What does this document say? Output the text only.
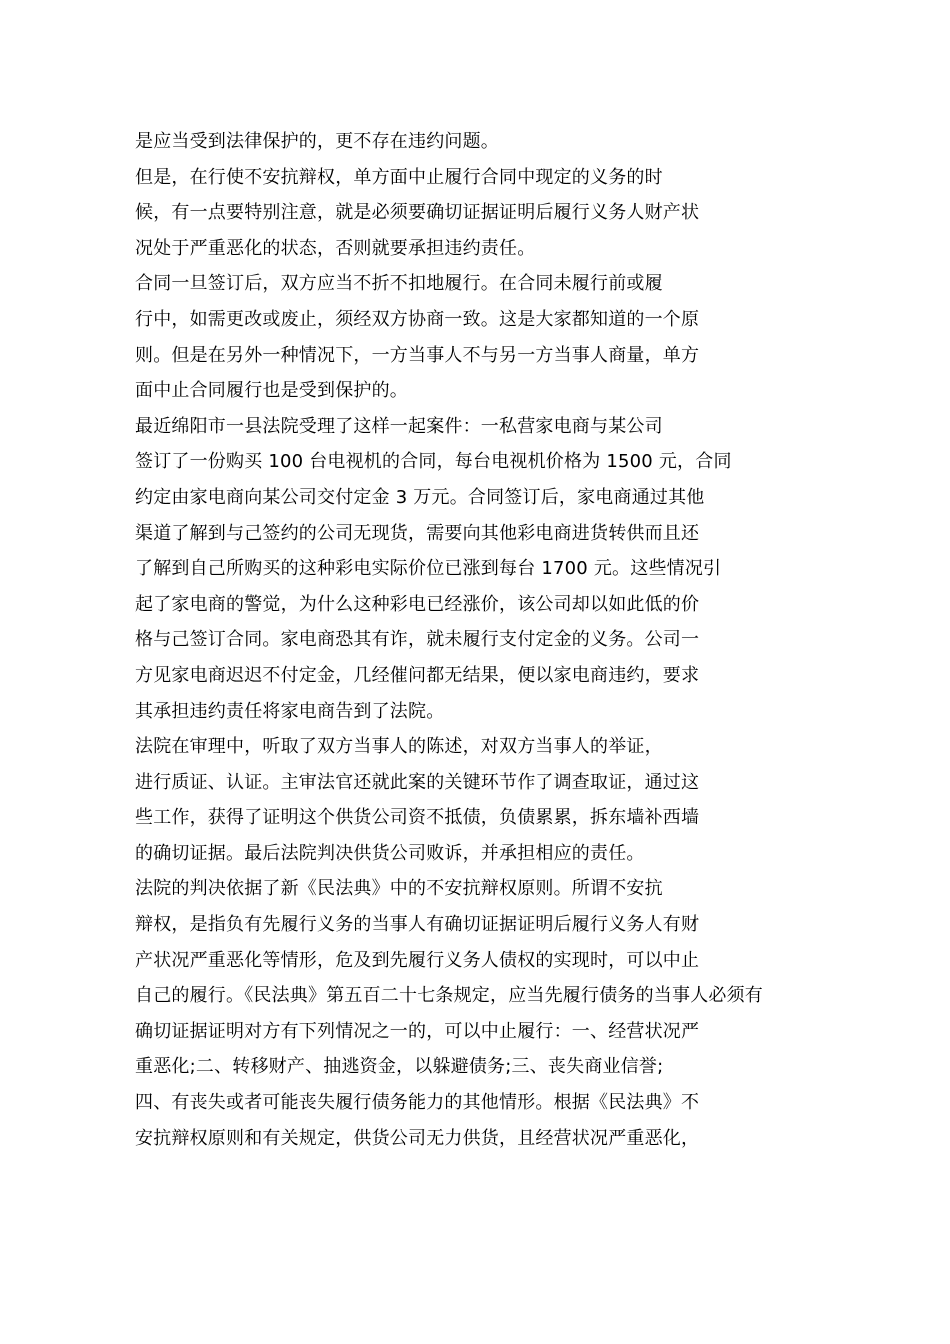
是应当受到法律保护的，更不存在违约问题。
但是，在行使不安抗辩权，单方面中止履行合同中现定的义务的时
候，有一点要特别注意，就是必须要确切证据证明后履行义务人财产状
况处于严重恶化的状态，否则就要承担违约责任。
合同一旦签订后，双方应当不折不扣地履行。在合同未履行前或履
行中，如需更改或废止，须经双方协商一致。这是大家都知道的一个原
则。但是在另外一种情况下，一方当事人不与另一方当事人商量，单方
面中止合同履行也是受到保护的。
最近绵阳市一县法院受理了这样一起案件：一私营家电商与某公司
签订了一份购买 100 台电视机的合同，每台电视机价格为 1500 元，合同
约定由家电商向某公司交付定金 3 万元。合同签订后，家电商通过其他
渠道了解到与己签约的公司无现货，需要向其他彩电商进货转供而且还
了解到自己所购买的这种彩电实际价位已涨到每台 1700 元。这些情况引
起了家电商的警觉，为什么这种彩电已经涨价，该公司却以如此低的价
格与己签订合同。家电商恐其有诈，就未履行支付定金的义务。公司一
方见家电商迟迟不付定金，几经催问都无结果，便以家电商违约，要求
其承担违约责任将家电商告到了法院。
法院在审理中，听取了双方当事人的陈述，对双方当事人的举证，
进行质证、认证。主审法官还就此案的关键环节作了调查取证，通过这
些工作，获得了证明这个供货公司资不抵债，负债累累，拆东墙补西墙
的确切证据。最后法院判决供货公司败诉，并承担相应的责任。
法院的判决依据了新《民法典》中的不安抗辩权原则。所谓不安抗
辩权，是指负有先履行义务的当事人有确切证据证明后履行义务人有财
产状况严重恶化等情形，危及到先履行义务人债权的实现时，可以中止
自己的履行。《民法典》第五百二十七条规定，应当先履行债务的当事人必须有
确切证据证明对方有下列情况之一的，可以中止履行：一、经营状况严
重恶化;二、转移财产、抽逃资金，以躲避债务;三、丧失商业信誉;
四、有丧失或者可能丧失履行债务能力的其他情形。根据《民法典》不
安抗辩权原则和有关规定，供货公司无力供货，且经营状况严重恶化，
